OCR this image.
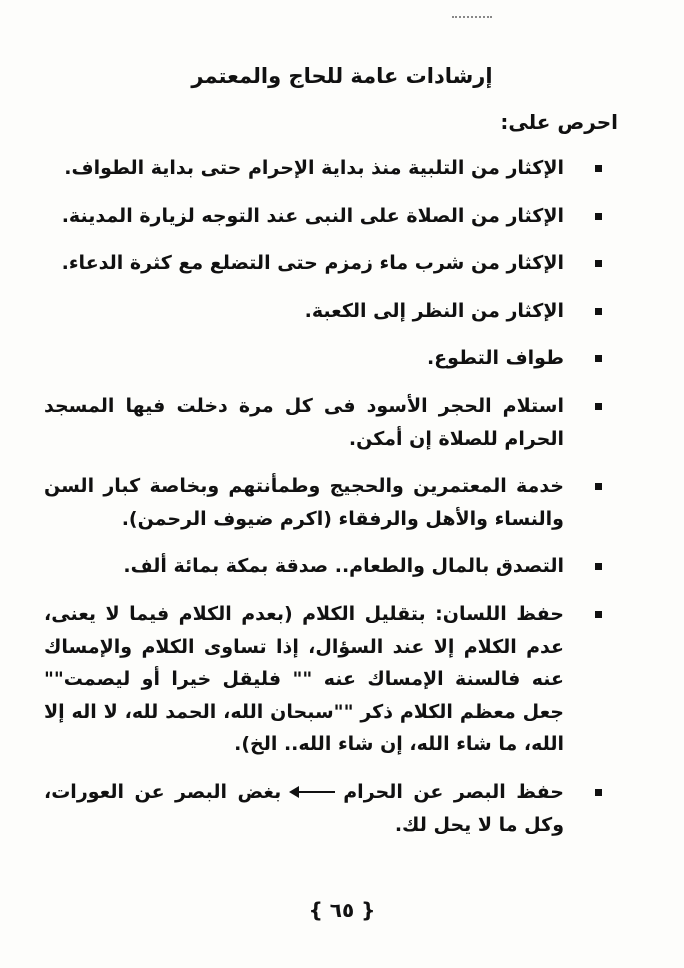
إرشادات عامة للحاج والمعتمر
احرص على:
الإكثار من التلبية منذ بداية الإحرام حتى بداية الطواف.
الإكثار من الصلاة على النبى عند التوجه لزيارة المدينة.
الإكثار من شرب ماء زمزم حتى التضلع مع كثرة الدعاء.
الإكثار من النظر إلى الكعبة.
طواف التطوع.
استلام الحجر الأسود فى كل مرة دخلت فيها المسجد الحرام للصلاة إن أمكن.
خدمة المعتمرين والحجيج وطمأنتهم وبخاصة كبار السن والنساء والأهل والرفقاء (اكرم ضيوف الرحمن).
التصدق بالمال والطعام.. صدقة بمكة بمائة ألف.
حفظ اللسان: بتقليل الكلام (بعدم الكلام فيما لا يعنى، عدم الكلام إلا عند السؤال، إذا تساوى الكلام والإمساك عنه فالسنة الإمساك عنه "" فليقل خيرا أو ليصمت"" جعل معظم الكلام ذكر ""سبحان الله، الحمد لله، لا اله إلا الله، ما شاء الله، إن شاء الله.. الخ).
حفظ البصر عن الحرامبغض البصر عن العورات، وكل ما لا يحل لك.
{ ٦٥ }
